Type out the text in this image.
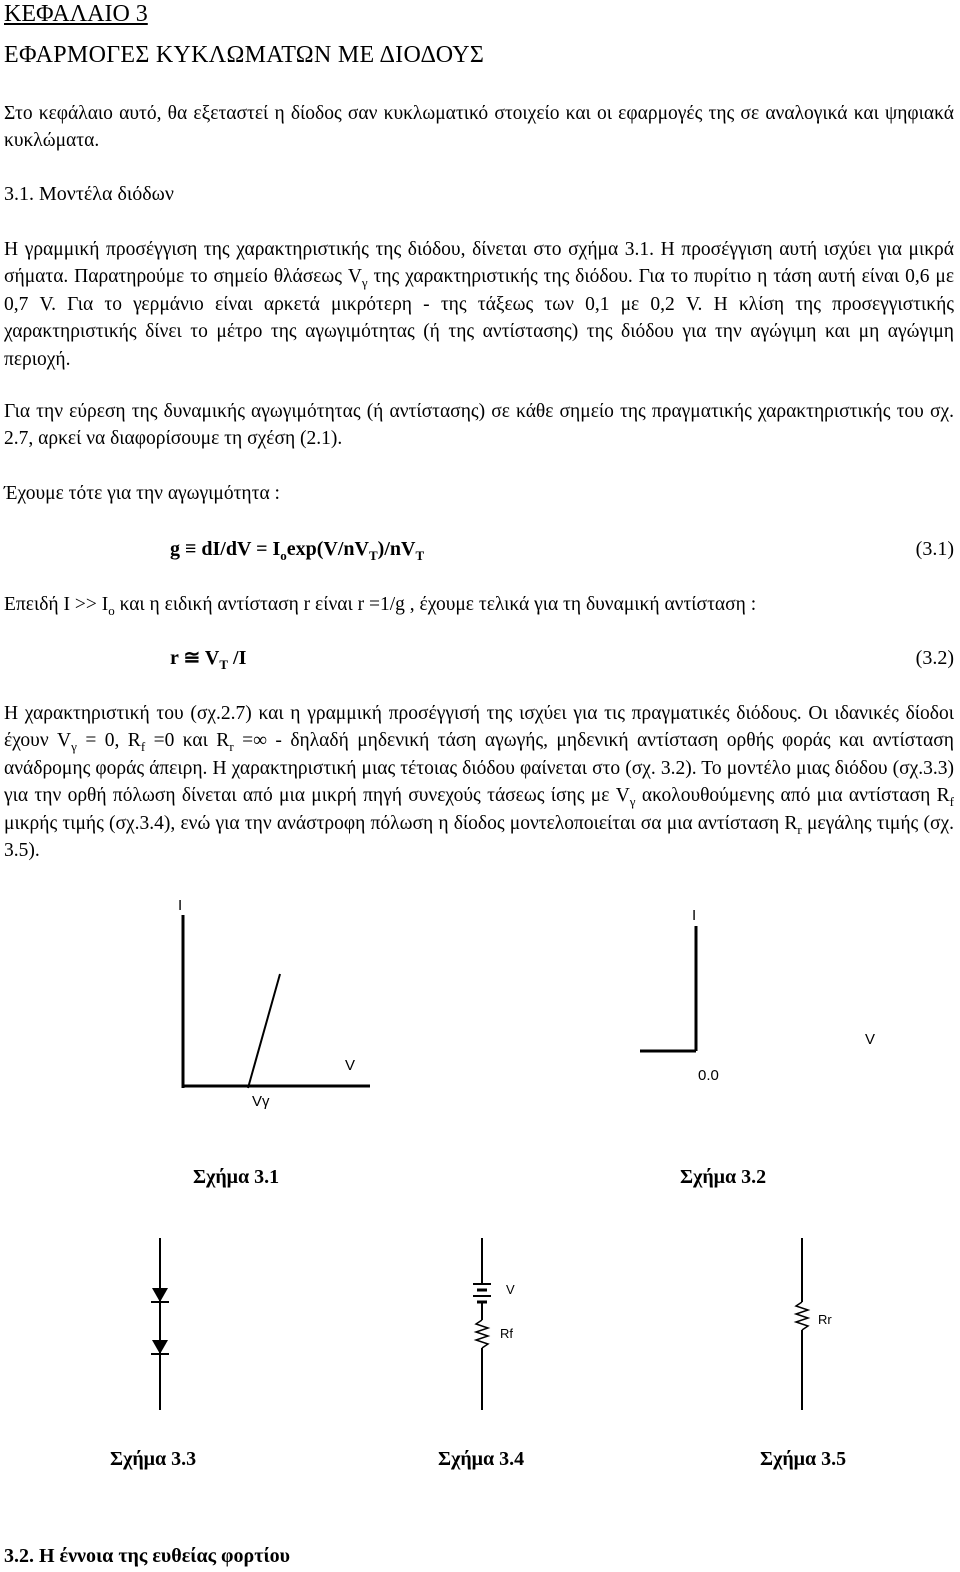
ΚΕΦΑΛΑΙΟ 3
ΕΦΑΡΜΟΓΕΣ ΚΥΚΛΩΜΑΤΩΝ ΜΕ ΔΙΟΔΟΥΣ

Στο κεφάλαιο αυτό, θα εξεταστεί η δίοδος σαν κυκλωματικό στοιχείο και οι εφαρμογές της σε αναλογικά και ψηφιακά κυκλώματα.

3.1. Μοντέλα διόδων

Η γραμμική προσέγγιση της χαρακτηριστικής της διόδου, δίνεται στο σχήμα 3.1. Η προσέγγιση αυτή ισχύει για μικρά σήματα. Παρατηρούμε το σημείο θλάσεως $V_\gamma$ της χαρακτηριστικής της διόδου. Για το πυρίτιο η τάση αυτή είναι 0,6 με 0,7 V. Για το γερμάνιο είναι αρκετά μικρότερη - της τάξεως των 0,1 με 0,2 V. Η κλίση της προσεγγιστικής χαρακτηριστικής δίνει το μέτρο της αγωγιμότητας (ή της αντίστασης) της διόδου για την αγώγιμη και μη αγώγιμη περιοχή.

Για την εύρεση της δυναμικής αγωγιμότητας (ή αντίστασης) σε κάθε σημείο της πραγματικής χαρακτηριστικής του σχ. 2.7, αρκεί να διαφορίσουμε τη σχέση (2.1).

Έχουμε τότε για την αγωγιμότητα :

$g \equiv dI/dV = I_o\exp(V/nV_T)/nV_T$	(3.1)

Επειδή $I >> I_o$ και η ειδική αντίσταση r είναι r =1/g , έχουμε τελικά για τη δυναμική αντίσταση :

r ≅ $V_T$ /I	(3.2)

Η χαρακτηριστική του (σχ.2.7) και η γραμμική προσέγγισή της ισχύει για τις πραγματικές διόδους. Οι ιδανικές δίοδοι έχουν $V_\gamma = 0$, $R_f =0$ και $R_r$ =∞ - δηλαδή μηδενική τάση αγωγής, μηδενική αντίσταση ορθής φοράς και αντίσταση ανάδρομης φοράς άπειρη. Η χαρακτηριστική μιας τέτοιας διόδου φαίνεται στο (σχ. 3.2). Το μοντέλο μιας διόδου (σχ.3.3) για την ορθή πόλωση δίνεται από μια μικρή πηγή συνεχούς τάσεως ίσης με $V_\gamma$ ακολουθούμενης από μια αντίσταση $R_f$ μικρής τιμής (σχ.3.4), ενώ για την ανάστροφη πόλωση η δίοδος μοντελοποιείται σα μια αντίσταση $R_r$ μεγάλης τιμής (σχ. 3.5).

I
V
Vγ
Σχήμα 3.1
I
V
0.0
Σχήμα 3.2
Σχήμα 3.3
V
Rf
Σχήμα 3.4
Rr
Σχήμα 3.5
3.2. Η έννοια της ευθείας φορτίου
